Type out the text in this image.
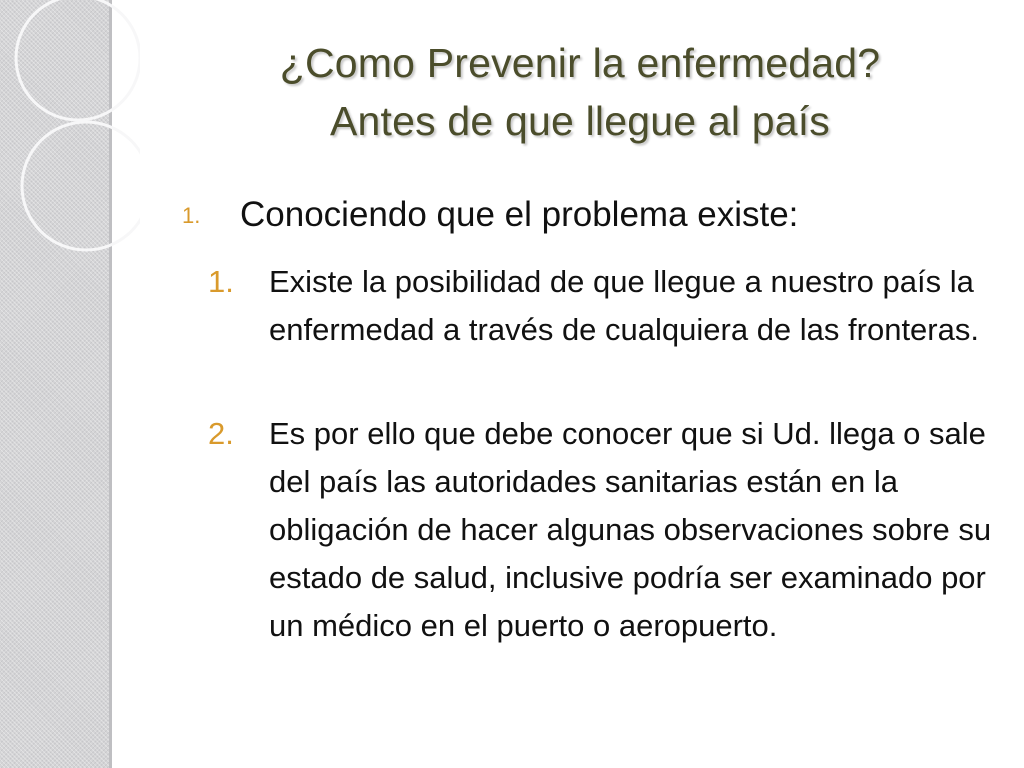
¿Como Prevenir la enfermedad?
Antes de que llegue al país
1. Conociendo que el problema existe:
1. Existe la posibilidad de que llegue a nuestro país la enfermedad a través de cualquiera de las fronteras.
2. Es por ello que debe conocer que si Ud. llega o sale del país las autoridades sanitarias están en la obligación de hacer algunas observaciones sobre su estado de salud, inclusive podría ser examinado por un médico en el puerto o aeropuerto.
